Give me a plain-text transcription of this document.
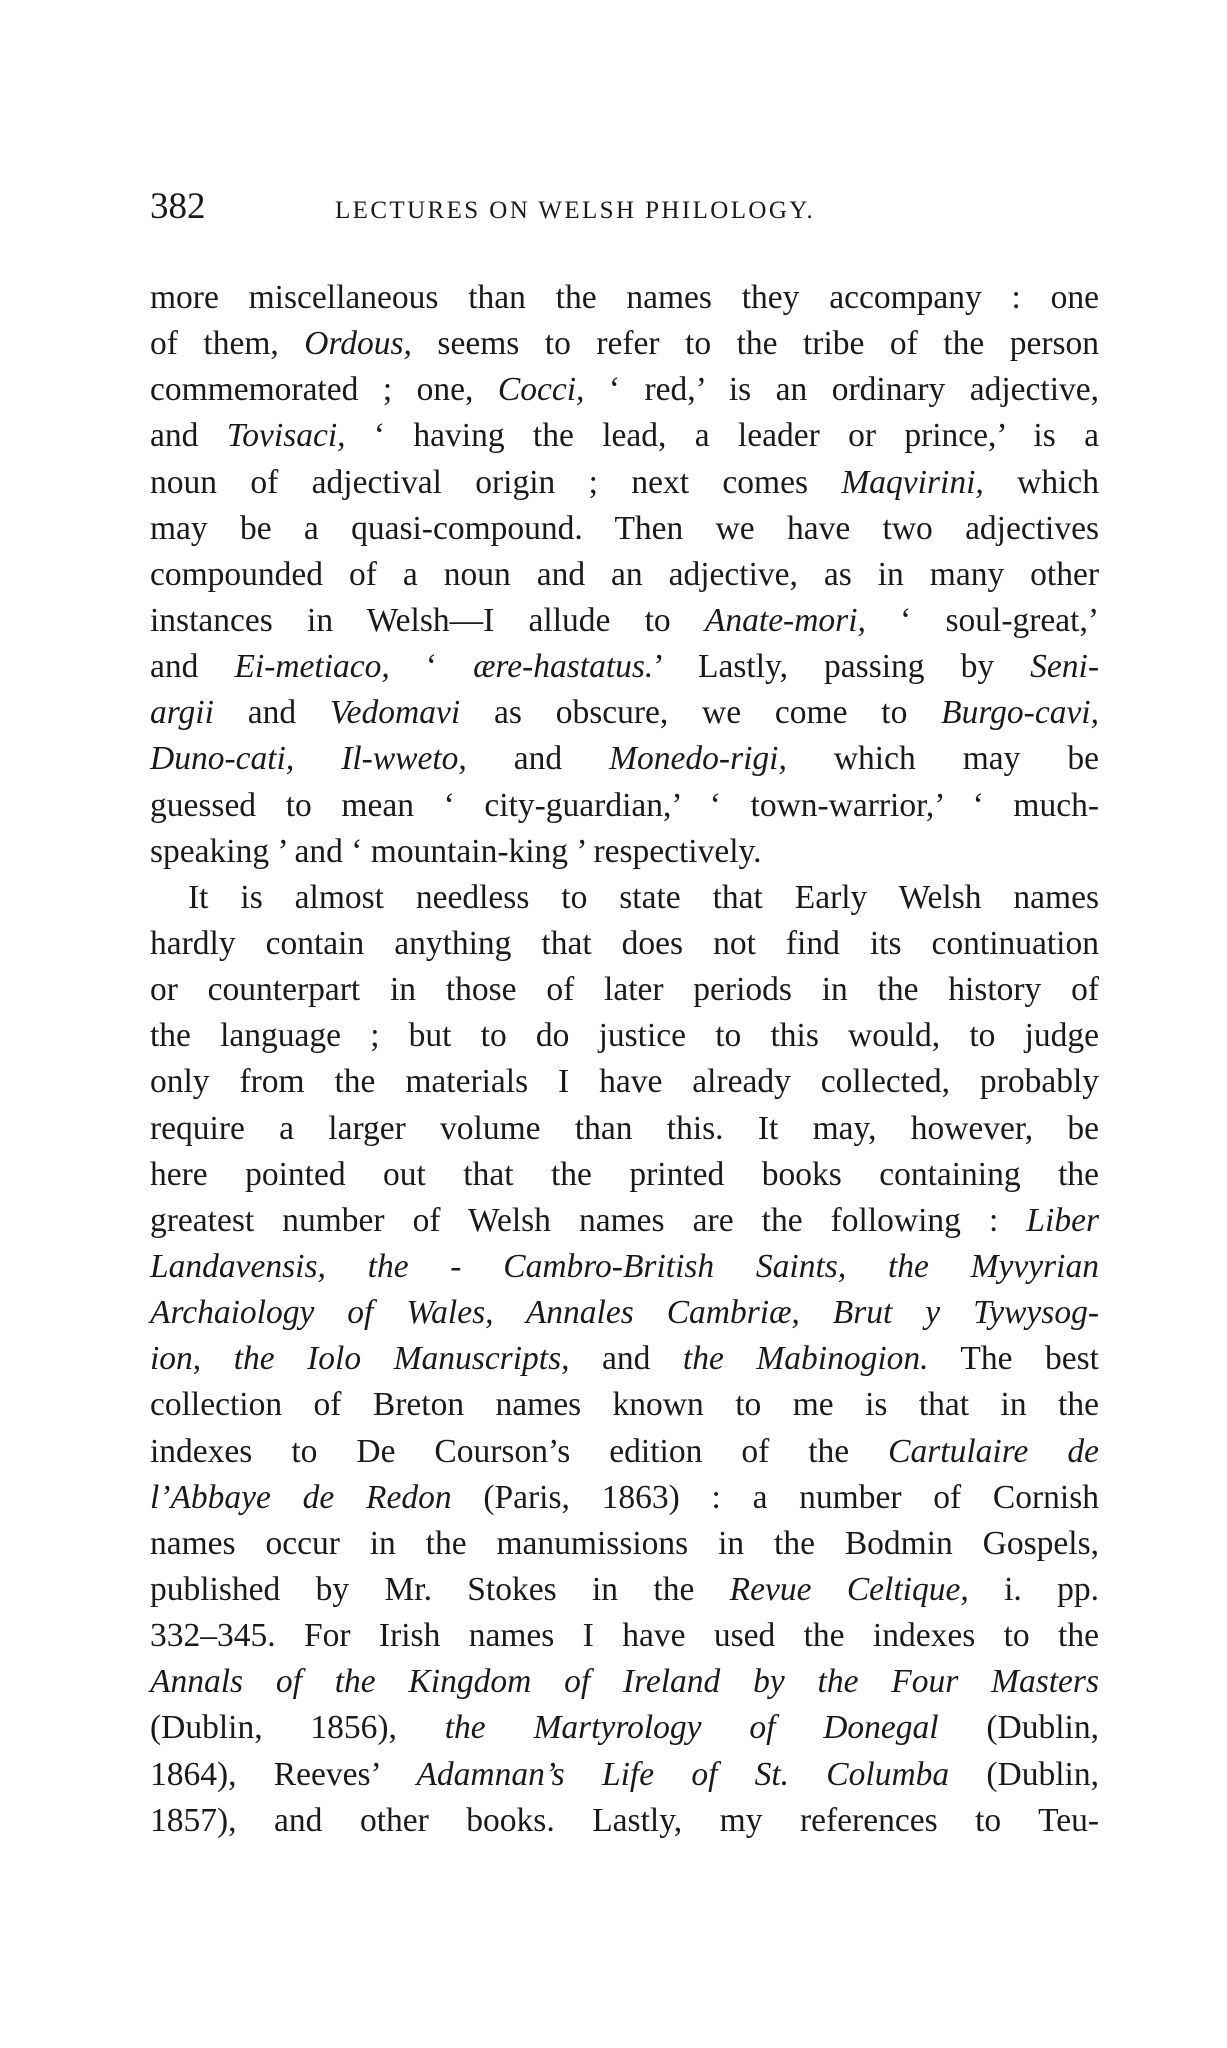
382	LECTURES ON WELSH PHILOLOGY.
more miscellaneous than the names they accompany : one
of them, Ordous, seems to refer to the tribe of the person
commemorated ; one, Cocci, ‘ red,’ is an ordinary adjective,
and Tovisaci, ‘ having the lead, a leader or prince,’ is a
noun of adjectival origin ; next comes Maqvirini, which
may be a quasi-compound. Then we have two adjectives
compounded of a noun and an adjective, as in many other
instances in Welsh—I allude to Anate-mori, ‘ soul-great,’
and Ei-metiaco, ‘ ære-hastatus.’ Lastly, passing by Seni-
argii and Vedomavi as obscure, we come to Burgo-cavi,
Duno-cati, Il-wweto, and Monedo-rigi, which may be
guessed to mean ‘ city-guardian,’ ‘ town-warrior,’ ‘ much-
speaking ’ and ‘ mountain-king ’ respectively.
It is almost needless to state that Early Welsh names
hardly contain anything that does not find its continuation
or counterpart in those of later periods in the history of
the language ; but to do justice to this would, to judge
only from the materials I have already collected, probably
require a larger volume than this. It may, however, be
here pointed out that the printed books containing the
greatest number of Welsh names are the following : Liber
Landavensis, the - Cambro-British Saints, the Myvyrian
Archaiology of Wales, Annales Cambriæ, Brut y Tywysog-
ion, the Iolo Manuscripts, and the Mabinogion. The best
collection of Breton names known to me is that in the
indexes to De Courson’s edition of the Cartulaire de
l’Abbaye de Redon (Paris, 1863) : a number of Cornish
names occur in the manumissions in the Bodmin Gospels,
published by Mr. Stokes in the Revue Celtique, i. pp.
332–345. For Irish names I have used the indexes to the
Annals of the Kingdom of Ireland by the Four Masters
(Dublin, 1856), the Martyrology of Donegal (Dublin,
1864), Reeves’ Adamnan’s Life of St. Columba (Dublin,
1857), and other books. Lastly, my references to Teu-
